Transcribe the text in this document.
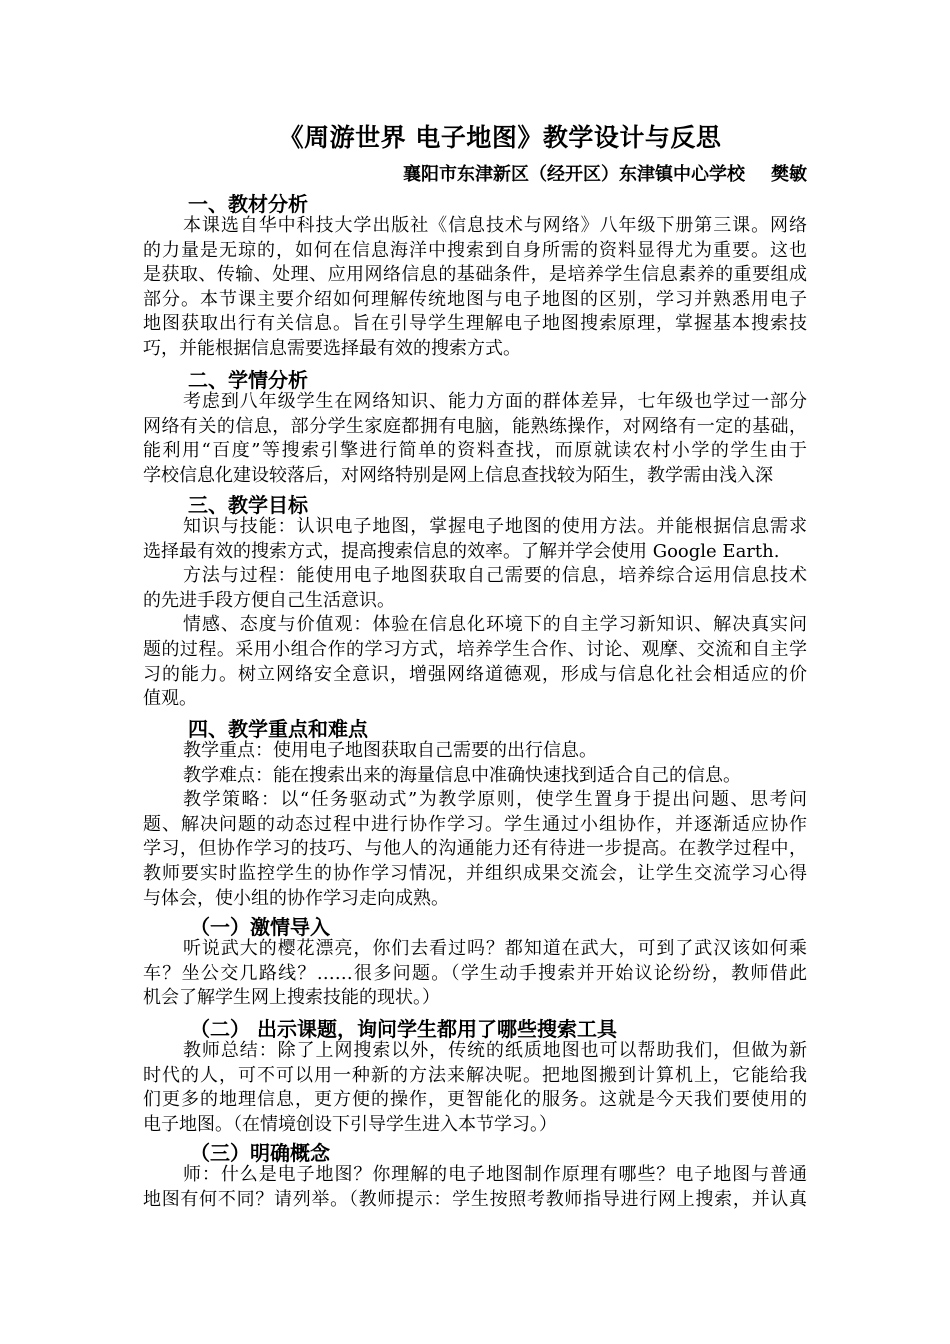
《周游世界 电子地图》教学设计与反思
襄阳市东津新区（经开区）东津镇中心学校 樊敏
一、教材分析
本课选自华中科技大学出版社《信息技术与网络》八年级下册第三课。网络
的力量是无琼的，如何在信息海洋中搜索到自身所需的资料显得尤为重要。这也
是获取、传输、处理、应用网络信息的基础条件，是培养学生信息素养的重要组成
部分。本节课主要介绍如何理解传统地图与电子地图的区别，学习并熟悉用电子
地图获取出行有关信息。旨在引导学生理解电子地图搜索原理，掌握基本搜索技
巧，并能根据信息需要选择最有效的搜索方式。
二、学情分析
考虑到八年级学生在网络知识、能力方面的群体差异，七年级也学过一部分
网络有关的信息，部分学生家庭都拥有电脑，能熟练操作，对网络有一定的基础，
能利用“百度”等搜索引擎进行简单的资料查找，而原就读农村小学的学生由于
学校信息化建设较落后，对网络特别是网上信息查找较为陌生，教学需由浅入深
三、教学目标
知识与技能：认识电子地图，掌握电子地图的使用方法。并能根据信息需求
选择最有效的搜索方式，提高搜索信息的效率。了解并学会使用 Google Earth.
方法与过程：能使用电子地图获取自己需要的信息，培养综合运用信息技术
的先进手段方便自己生活意识。
情感、态度与价值观：体验在信息化环境下的自主学习新知识、解决真实问
题的过程。采用小组合作的学习方式，培养学生合作、讨论、观摩、交流和自主学
习的能力。树立网络安全意识，增强网络道德观，形成与信息化社会相适应的价
值观。
四、教学重点和难点
教学重点：使用电子地图获取自己需要的出行信息。
教学难点：能在搜索出来的海量信息中准确快速找到适合自己的信息。
教学策略：以“任务驱动式”为教学原则，使学生置身于提出问题、思考问
题、解决问题的动态过程中进行协作学习。学生通过小组协作，并逐渐适应协作
学习，但协作学习的技巧、与他人的沟通能力还有待进一步提高。在教学过程中，
教师要实时监控学生的协作学习情况，并组织成果交流会，让学生交流学习心得
与体会，使小组的协作学习走向成熟。
（一）激情导入
听说武大的樱花漂亮，你们去看过吗？都知道在武大，可到了武汉该如何乘
车？坐公交几路线？……很多问题。（学生动手搜索并开始议论纷纷，教师借此
机会了解学生网上搜索技能的现状。）
（二） 出示课题，询问学生都用了哪些搜索工具
教师总结：除了上网搜索以外，传统的纸质地图也可以帮助我们，但做为新
时代的人，可不可以用一种新的方法来解决呢。把地图搬到计算机上，它能给我
们更多的地理信息，更方便的操作，更智能化的服务。这就是今天我们要使用的
电子地图。（在情境创设下引导学生进入本节学习。）
（三）明确概念
师：什么是电子地图？你理解的电子地图制作原理有哪些？电子地图与普通
地图有何不同？请列举。（教师提示：学生按照考教师指导进行网上搜索，并认真
